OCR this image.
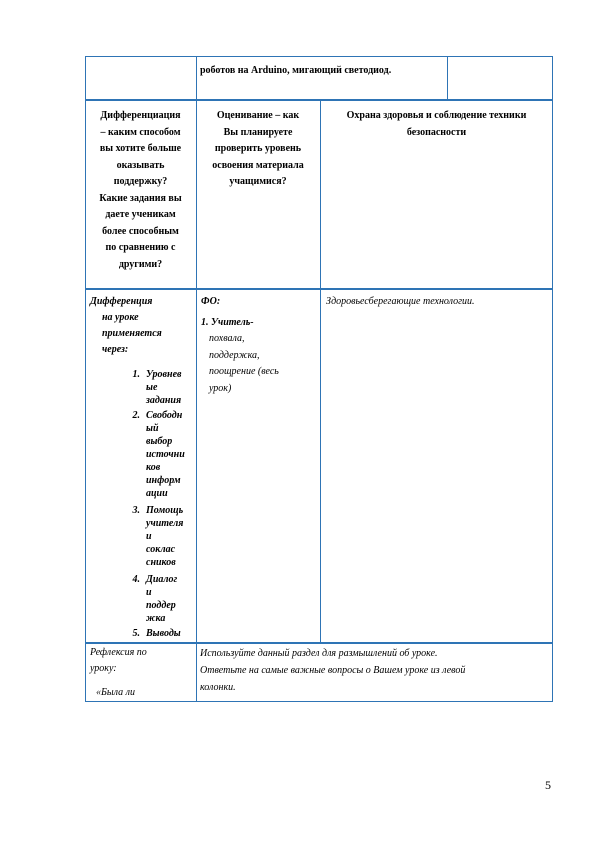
роботов на Arduino, мигающий светодиод.
Дифференциация
– каким способом
вы хотите больше
оказывать
поддержку?
Какие задания вы
даете ученикам
более способным
по сравнению с
другими?
Оценивание – как
Вы планируете
проверить уровень
освоения материала
учащимися?
Охрана здоровья и соблюдение техники
безопасности
Дифференция
на уроке
применяется
через:
1. Уровнев
ые
задания
2. Свободн
ый
выбор
источни
ков
информ
ации
3. Помощь
учителя
и
соклас
сников
4. Диалог
и
поддер
жка
5. Выводы
ФО:
1. Учитель-
похвала,
поддержка,
поощрение (весь
урок)
Здоровьесберегающие технологии.
Рефлексия по
уроку:
«Была ли
Используйте данный раздел для размышлений об уроке.
Ответьте на самые важные вопросы о Вашем уроке из левой
колонки.
5
